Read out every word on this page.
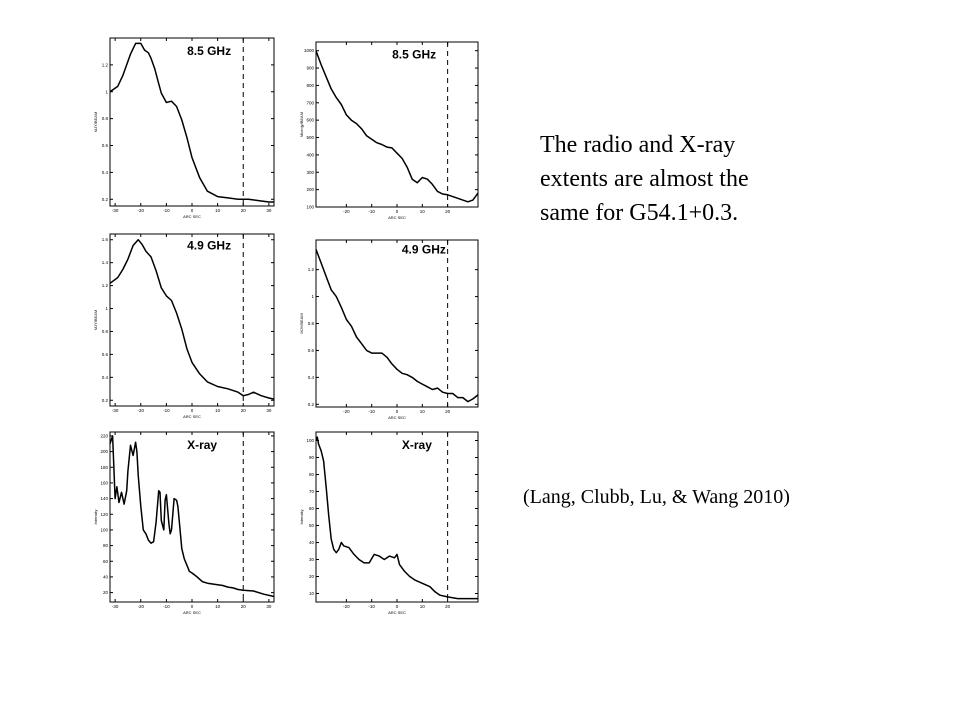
The radio and X-ray
extents are almost the
same for G54.1+0.3.
(Lang, Clubb, Lu, & Wang 2010)
-30	-20	-10	0	10	20	30
0.2
0.4
0.6
0.8
1
1.2
ARC SEC
MJY/BEAM
8.5 GHz
-20	-10	0	10	20
100
200
300
400
500
600
700
800
900
1000
ARC SEC
Microjy/BEAM
8.5 GHz
-30	-20	-10	0	10	20	30
0.2
0.4
0.6
0.8
1
1.2
1.4
1.6
ARC SEC
MJY/BEAM
4.9 GHz
-20	-10	0	10	20
0.2
0.4
0.6
0.8
1
1.2
ARC SEC
MJY/BEAM
4.9 GHz
-30	-20	-10	0	10	20	30
20
40
60
80
100
120
140
160
180
200
220
ARC SEC
Intensity
X-ray
-20	-10	0	10	20
10
20
30
40
50
60
70
80
90
100
ARC SEC
Intensity
X-ray
